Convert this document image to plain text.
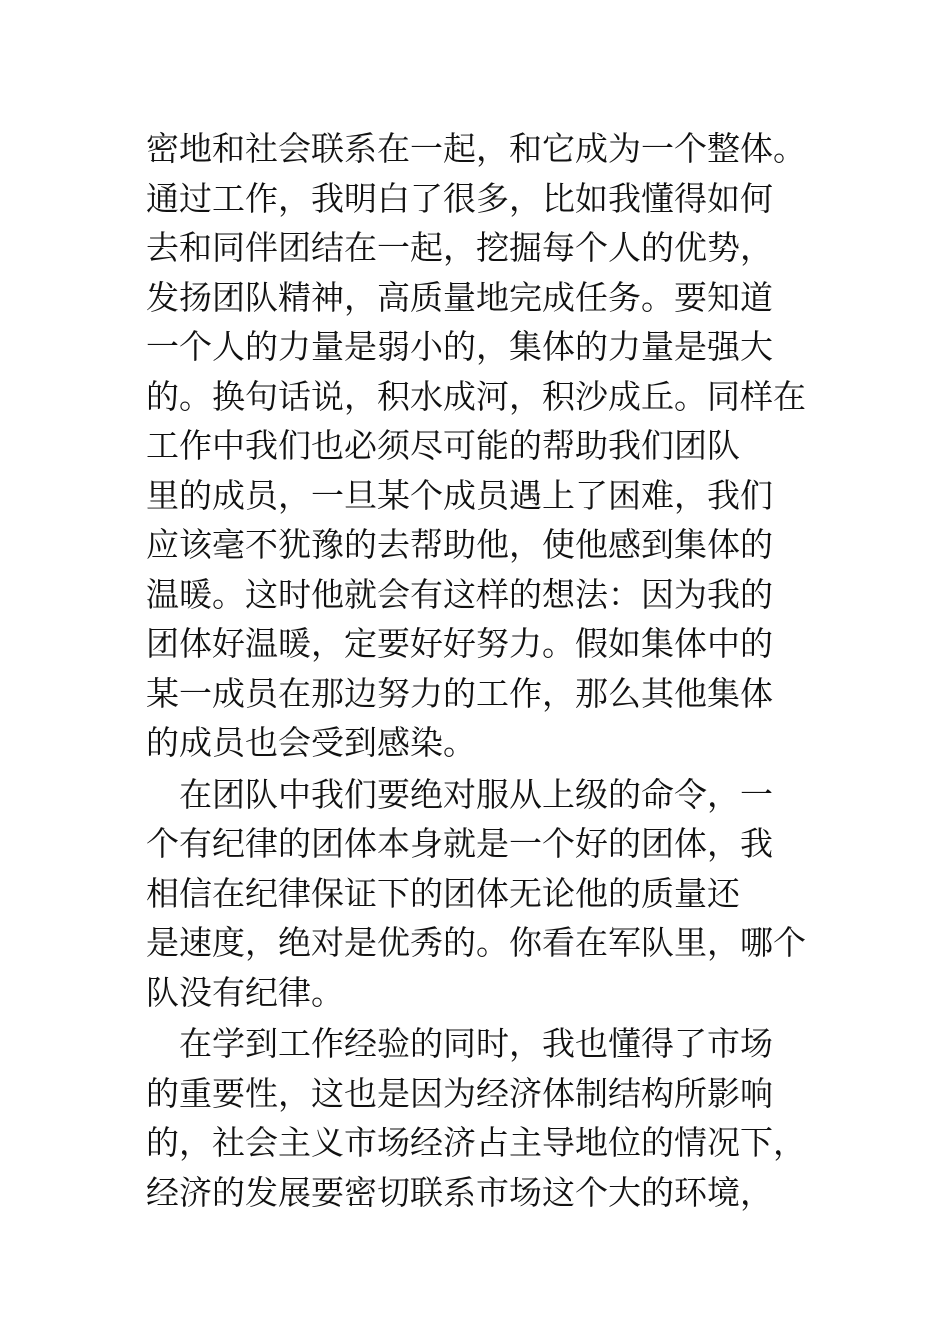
密地和社会联系在一起，和它成为一个整体。
通过工作，我明白了很多，比如我懂得如何
去和同伴团结在一起，挖掘每个人的优势，
发扬团队精神，高质量地完成任务。要知道
一个人的力量是弱小的，集体的力量是强大
的。换句话说，积水成河，积沙成丘。同样在
工作中我们也必须尽可能的帮助我们团队
里的成员，一旦某个成员遇上了困难，我们
应该毫不犹豫的去帮助他，使他感到集体的
温暖。这时他就会有这样的想法：因为我的
团体好温暖，定要好好努力。假如集体中的
某一成员在那边努力的工作，那么其他集体
的成员也会受到感染。
　在团队中我们要绝对服从上级的命令，一
个有纪律的团体本身就是一个好的团体，我
相信在纪律保证下的团体无论他的质量还
是速度，绝对是优秀的。你看在军队里，哪个
队没有纪律。
　在学到工作经验的同时，我也懂得了市场
的重要性，这也是因为经济体制结构所影响
的，社会主义市场经济占主导地位的情况下，
经济的发展要密切联系市场这个大的环境，
